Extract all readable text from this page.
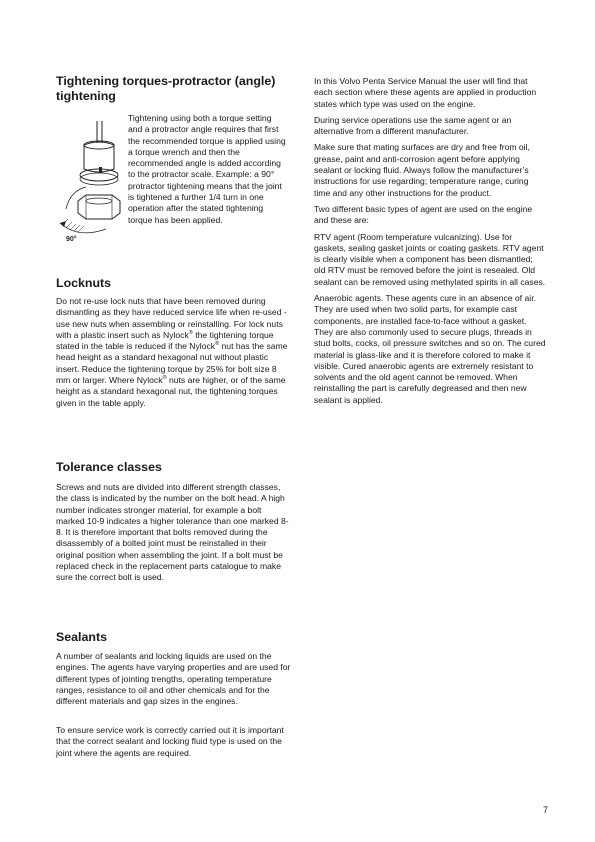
Tightening torques-protractor (angle) tightening
90°

Tightening using both a torque setting and a protractor angle requires that first the recommended torque is applied using a torque wrench and then the recommended angle is added according to the protractor scale. Example: a 90° protractor tightening means that the joint is tightened a further 1/4 turn in one operation after the stated tightening torque has been applied.

Locknuts

Do not re-use lock nuts that have been removed during dismantling as they have reduced service life when re-used - use new nuts when assembling or reinstalling. For lock nuts with a plastic insert such as Nylock® the tightening torque stated in the table is reduced if the Nylock® nut has the same head height as a standard hexagonal nut without plastic insert. Reduce the tightening torque by 25% for bolt size 8 mm or larger. Where Nylock® nuts are higher, or of the same height as a standard hexagonal nut, the tightening torques given in the table apply.

Tolerance classes

Screws and nuts are divided into different strength classes, the class is indicated by the number on the bolt head. A high number indicates stronger material, for example a bolt marked 10-9 indicates a higher tolerance than one marked 8-8. It is therefore important that bolts removed during the disassembly of a bolted joint must be reinstalled in their original position when assembling the joint. If a bolt must be replaced check in the replacement parts catalogue to make sure the correct bolt is used.

Sealants

A number of sealants and locking liquids are used on the engines. The agents have varying properties and are used for different types of jointing trengths, operating temperature ranges, resistance to oil and other chemicals and for the different materials and gap sizes in the engines.

To ensure service work is correctly carried out it is important that the correct sealant and locking fluid type is used on the joint where the agents are required.

In this Volvo Penta Service Manual the user will find that each section where these agents are applied in production states which type was used on the engine.

During service operations use the same agent or an alternative from a different manufacturer.

Make sure that mating surfaces are dry and free from oil, grease, paint and anti-corrosion agent before applying sealant or locking fluid. Always follow the manufacturer’s instructions for use regarding; temperature range, curing time and any other instructions for the product.

Two different basic types of agent are used on the engine and these are:

RTV agent (Room temperature vulcanizing). Use for gaskets, sealing gasket joints or coating gaskets. RTV agent is clearly visible when a component has been dismantled; old RTV must be removed before the joint is resealed. Old sealant can be removed using methylated spirits in all cases.

Anaerobic agents. These agents cure in an absence of air. They are used when two solid parts, for example cast components, are installed face-to-face without a gasket. They are also commonly used to secure plugs, threads in stud bolts, cocks, oil pressure switches and so on. The cured material is glass-like and it is therefore colored to make it visible. Cured anaerobic agents are extremely resistant to solvents and the old agent cannot be removed. When reinstalling the part is carefully degreased and then new sealant is applied.

7
